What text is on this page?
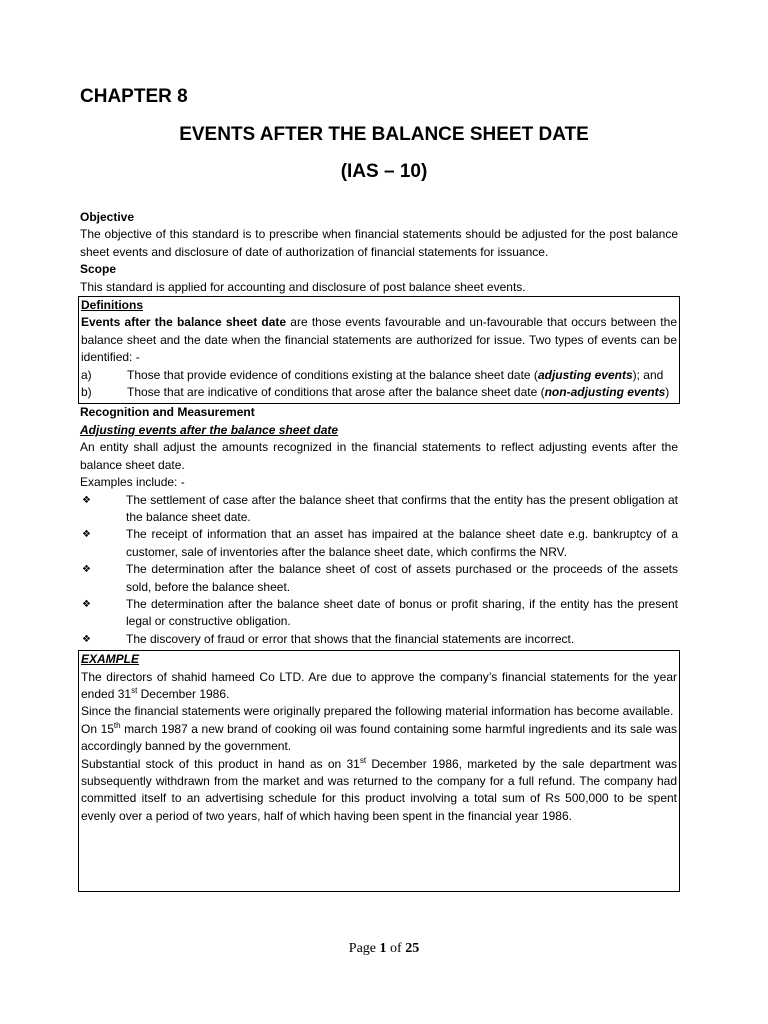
CHAPTER 8
EVENTS AFTER THE BALANCE SHEET DATE
(IAS – 10)

Objective

The objective of this standard is to prescribe when financial statements should be adjusted for the post balance sheet events and disclosure of date of authorization of financial statements for issuance.

Scope

This standard is applied for accounting and disclosure of post balance sheet events.

Definitions

Events after the balance sheet date are those events favourable and un-favourable that occurs between the balance sheet and the date when the financial statements are authorized for issue. Two types of events can be identified: -

a)	Those that provide evidence of conditions existing at the balance sheet date (adjusting events); and
b)	Those that are indicative of conditions that arose after the balance sheet date (non-adjusting events)

Recognition and Measurement

Adjusting events after the balance sheet date

An entity shall adjust the amounts recognized in the financial statements to reflect adjusting events after the balance sheet date.

Examples include: -

❖	The settlement of case after the balance sheet that confirms that the entity has the present obligation at the balance sheet date.
❖	The receipt of information that an asset has impaired at the balance sheet date e.g. bankruptcy of a customer, sale of inventories after the balance sheet date, which confirms the NRV.
❖	The determination after the balance sheet of cost of assets purchased or the proceeds of the assets sold, before the balance sheet.
❖	The determination after the balance sheet date of bonus or profit sharing, if the entity has the present legal or constructive obligation.
❖	The discovery of fraud or error that shows that the financial statements are incorrect.

EXAMPLE

The directors of shahid hameed Co LTD. Are due to approve the company’s financial statements for the year ended 31st December 1986.

Since the financial statements were originally prepared the following material information has become available.

On 15th march 1987 a new brand of cooking oil was found containing some harmful ingredients and its sale was accordingly banned by the government.

Substantial stock of this product in hand as on 31st December 1986, marketed by the sale department was subsequently withdrawn from the market and was returned to the company for a full refund. The company had committed itself to an advertising schedule for this product involving a total sum of Rs 500,000 to be spent evenly over a period of two years, half of which having been spent in the financial year 1986.

Page 1 of 25
